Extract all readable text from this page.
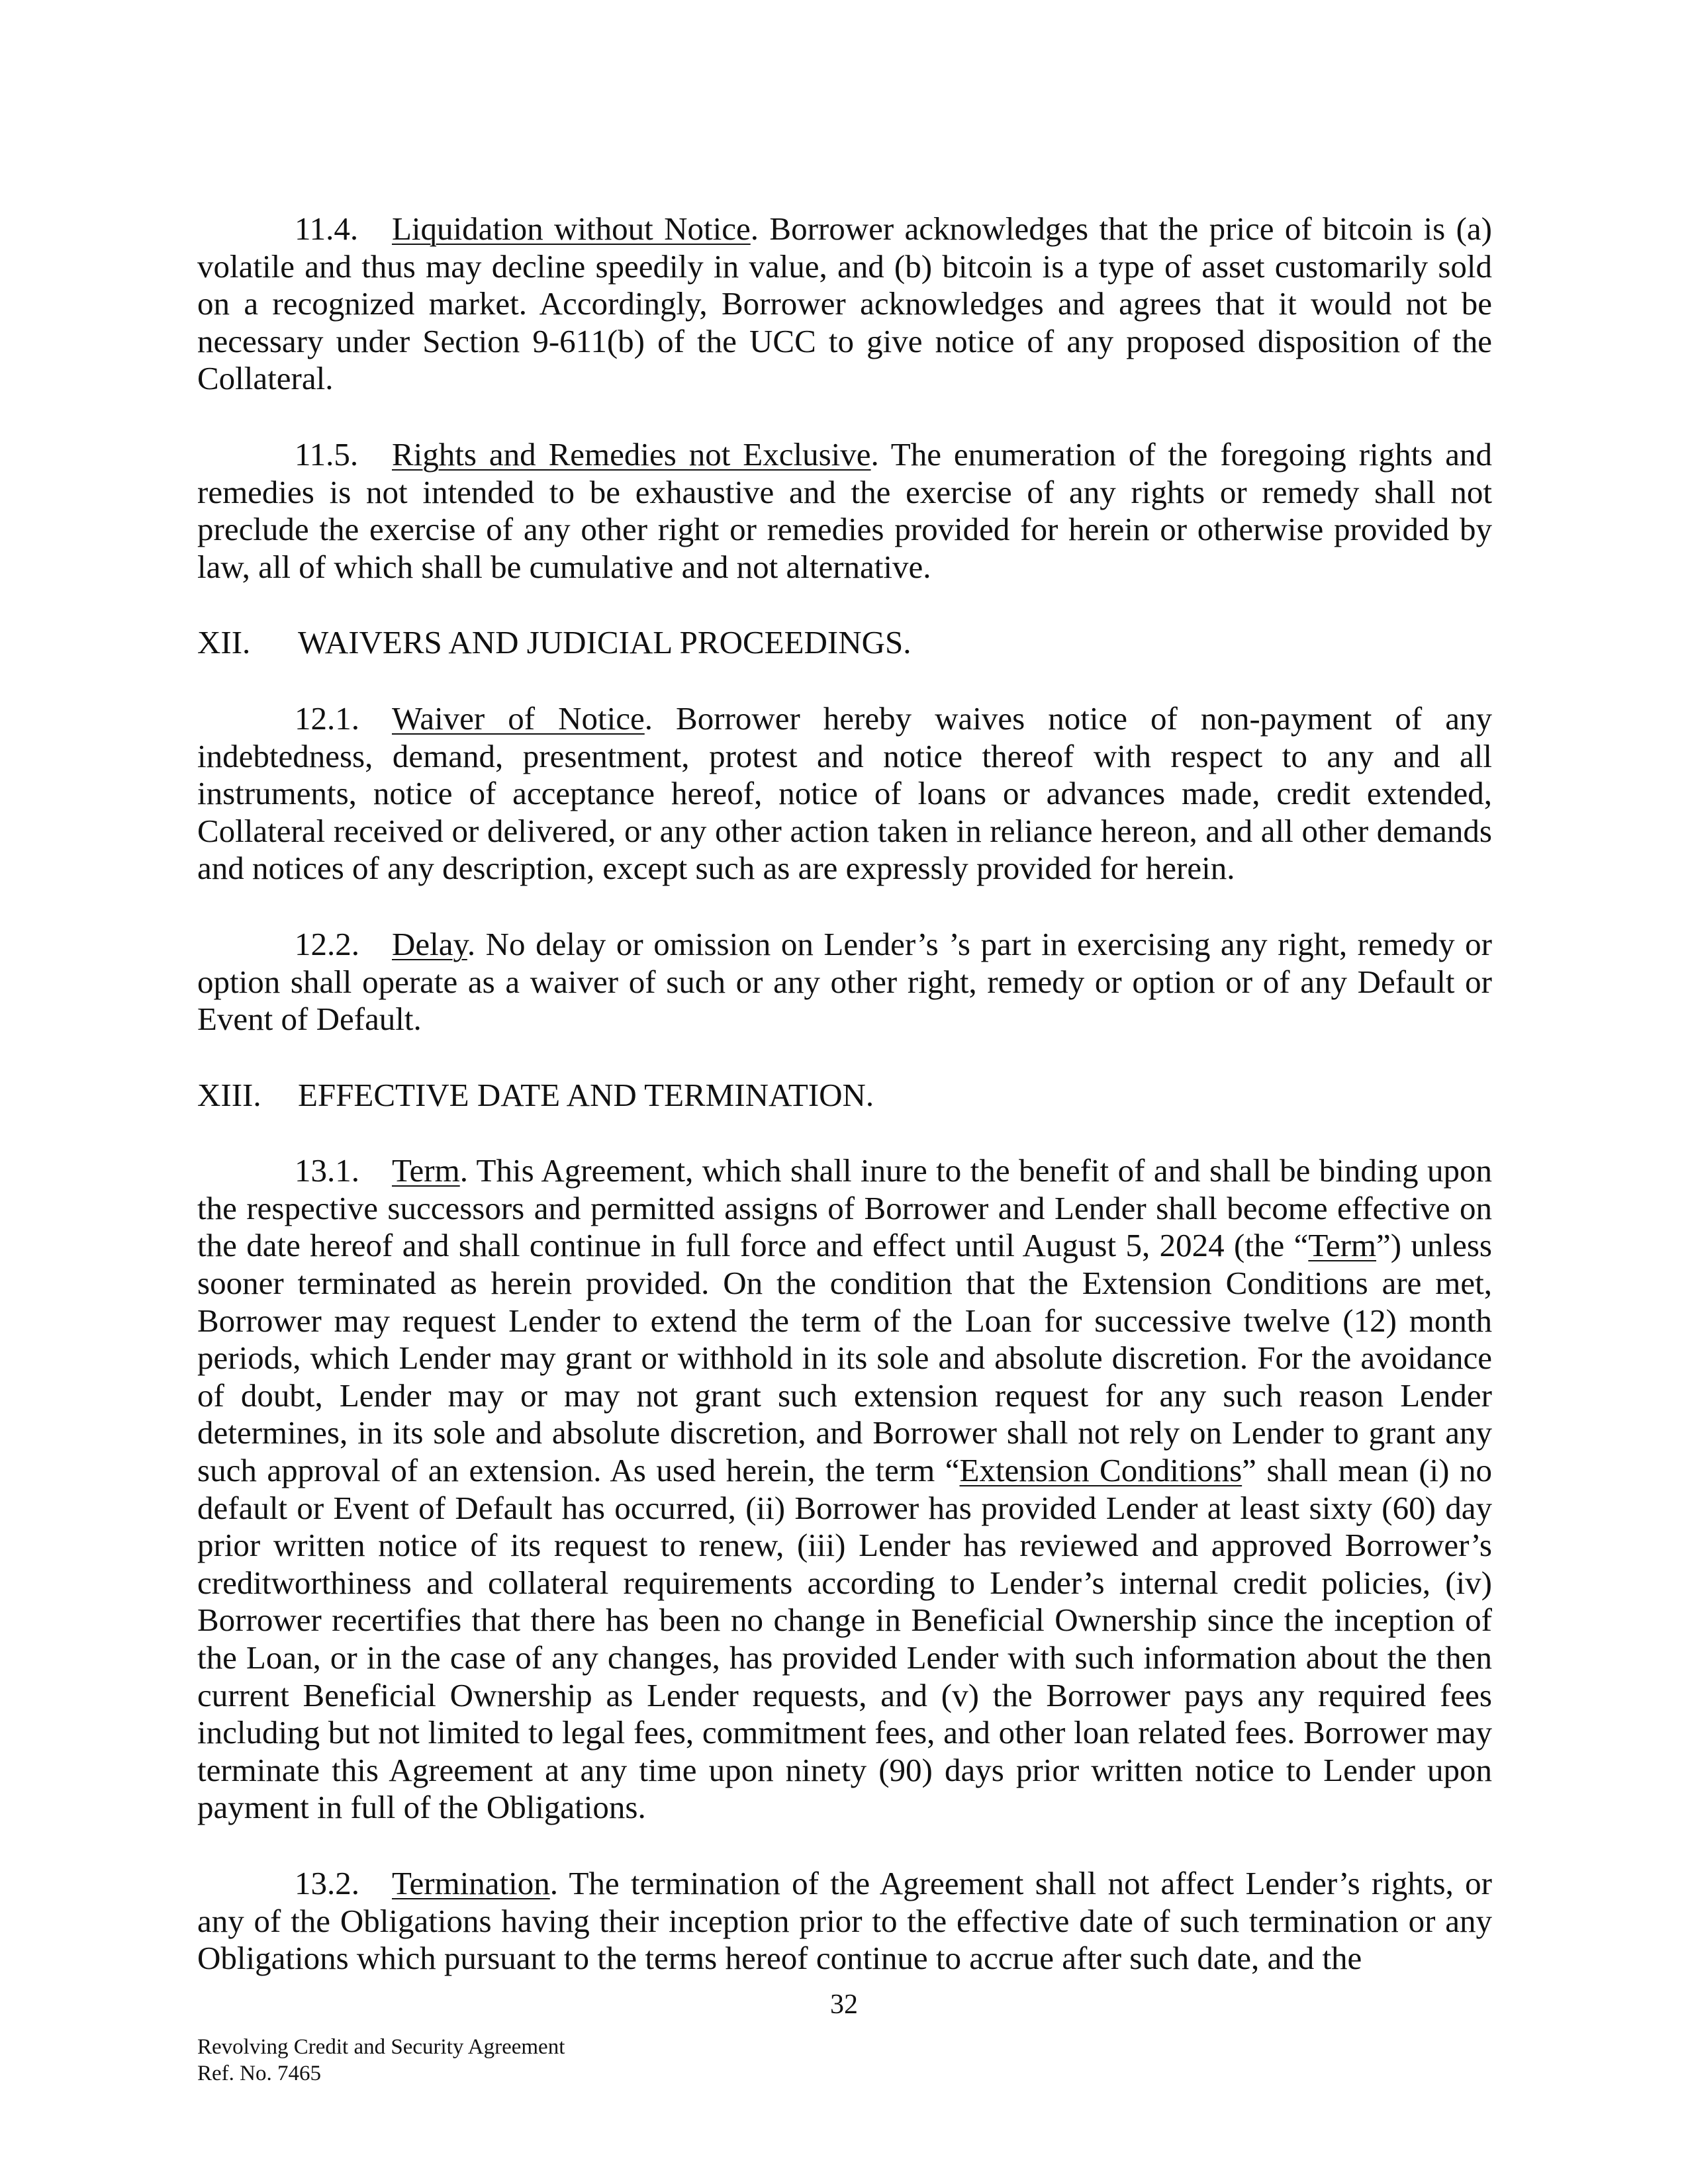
11.4. Liquidation without Notice. Borrower acknowledges that the price of bitcoin is (a) volatile and thus may decline speedily in value, and (b) bitcoin is a type of asset customarily sold on a recognized market. Accordingly, Borrower acknowledges and agrees that it would not be necessary under Section 9-611(b) of the UCC to give notice of any proposed disposition of the Collateral.

11.5. Rights and Remedies not Exclusive. The enumeration of the foregoing rights and remedies is not intended to be exhaustive and the exercise of any rights or remedy shall not preclude the exercise of any other right or remedies provided for herein or otherwise provided by law, all of which shall be cumulative and not alternative.

XII. WAIVERS AND JUDICIAL PROCEEDINGS.

12.1. Waiver of Notice. Borrower hereby waives notice of non-payment of any indebtedness, demand, presentment, protest and notice thereof with respect to any and all instruments, notice of acceptance hereof, notice of loans or advances made, credit extended, Collateral received or delivered, or any other action taken in reliance hereon, and all other demands and notices of any description, except such as are expressly provided for herein.

12.2. Delay. No delay or omission on Lender’s ’s part in exercising any right, remedy or option shall operate as a waiver of such or any other right, remedy or option or of any Default or Event of Default.

XIII. EFFECTIVE DATE AND TERMINATION.

13.1. Term. This Agreement, which shall inure to the benefit of and shall be binding upon the respective successors and permitted assigns of Borrower and Lender shall become effective on the date hereof and shall continue in full force and effect until August 5, 2024 (the “Term”) unless sooner terminated as herein provided. On the condition that the Extension Conditions are met, Borrower may request Lender to extend the term of the Loan for successive twelve (12) month periods, which Lender may grant or withhold in its sole and absolute discretion. For the avoidance of doubt, Lender may or may not grant such extension request for any such reason Lender determines, in its sole and absolute discretion, and Borrower shall not rely on Lender to grant any such approval of an extension. As used herein, the term “Extension Conditions” shall mean (i) no default or Event of Default has occurred, (ii) Borrower has provided Lender at least sixty (60) day prior written notice of its request to renew, (iii) Lender has reviewed and approved Borrower’s creditworthiness and collateral requirements according to Lender’s internal credit policies, (iv) Borrower recertifies that there has been no change in Beneficial Ownership since the inception of the Loan, or in the case of any changes, has provided Lender with such information about the then current Beneficial Ownership as Lender requests, and (v) the Borrower pays any required fees including but not limited to legal fees, commitment fees, and other loan related fees. Borrower may terminate this Agreement at any time upon ninety (90) days prior written notice to Lender upon payment in full of the Obligations.

13.2. Termination. The termination of the Agreement shall not affect Lender’s rights, or any of the Obligations having their inception prior to the effective date of such termination or any Obligations which pursuant to the terms hereof continue to accrue after such date, and the

32
Revolving Credit and Security Agreement
Ref. No. 7465
